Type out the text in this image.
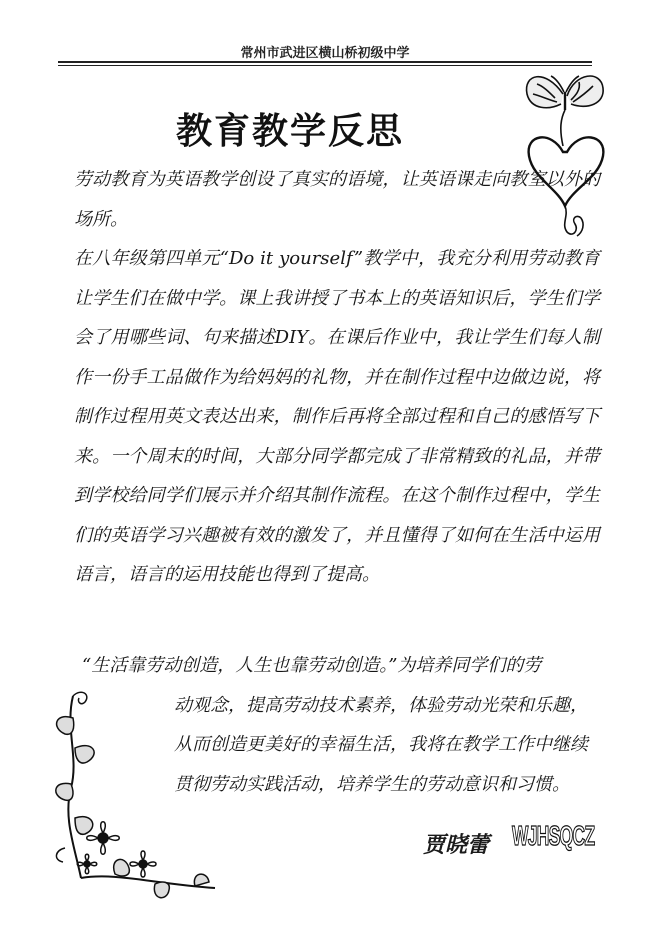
常州市武进区横山桥初级中学
教育教学反思

劳动教育为英语教学创设了真实的语境，让英语课走向教室以外的场所。

在八年级第四单元“Do it yourself”教学中，我充分利用劳动教育让学生们在做中学。课上我讲授了书本上的英语知识后，学生们学会了用哪些词、句来描述DIY。在课后作业中，我让学生们每人制作一份手工品做作为给妈妈的礼物，并在制作过程中边做边说，将制作过程用英文表达出来，制作后再将全部过程和自己的感悟写下来。一个周末的时间，大部分同学都完成了非常精致的礼品，并带到学校给同学们展示并介绍其制作流程。在这个制作过程中，学生们的英语学习兴趣被有效的激发了，并且懂得了如何在生活中运用语言，语言的运用技能也得到了提高。

“生活靠劳动创造，人生也靠劳动创造。”为培养同学们的劳
动观念，提高劳动技术素养，体验劳动光荣和乐趣，从而创造更美好的幸福生活，我将在教学工作中继续贯彻劳动实践活动，培养学生的劳动意识和习惯。
贾晓蕾 WJHSQCZ
